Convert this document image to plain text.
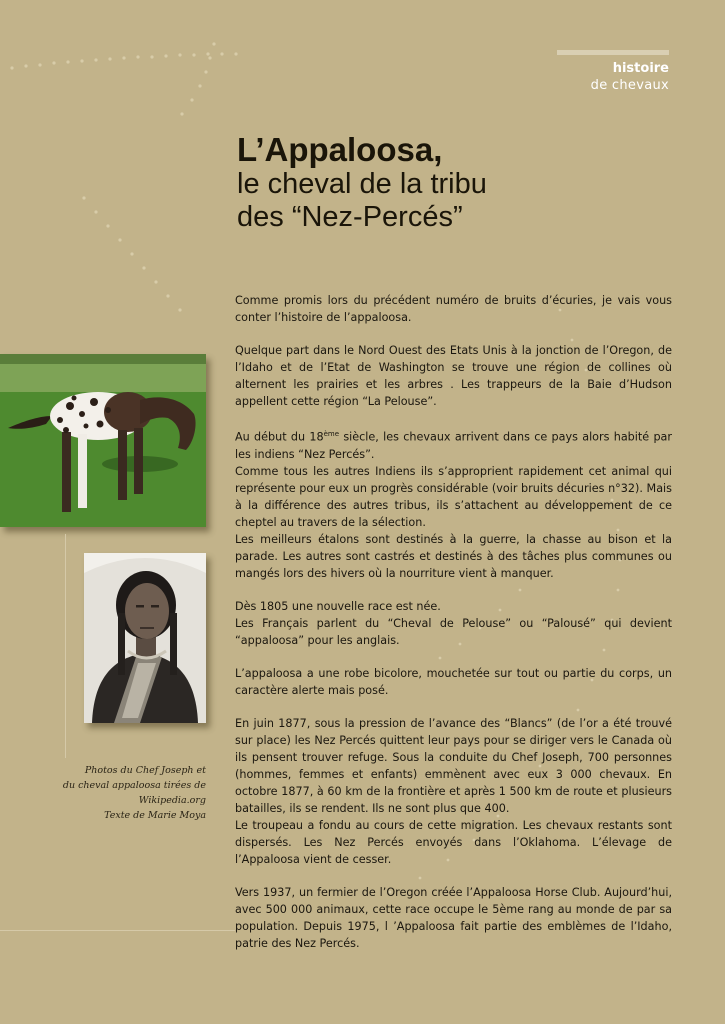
histoire
de chevaux
L’Appaloosa,
le cheval de la tribu
des “Nez-Percés”
Photos du Chef Joseph et
du cheval appaloosa tirées de
Wikipedia.org
Texte de Marie Moya

Comme promis lors du précédent numéro de bruits d’écuries, je vais vous conter l’histoire de l’appaloosa.

Quelque part dans le Nord Ouest des Etats Unis à la jonction de l’Oregon, de l’Idaho et de l’Etat de Washington se trouve une région de collines où alternent les prairies et les arbres . Les trappeurs de la Baie d’Hudson appellent cette région “La Pelouse”.

Au début du 18ème siècle, les chevaux arrivent dans ce pays alors habité par les indiens “Nez Percés”.
Comme tous les autres Indiens ils s’approprient rapidement cet animal qui représente pour eux un progrès considérable (voir bruits décuries n°32). Mais à la différence des autres tribus, ils s’attachent au développement de ce cheptel au travers de la sélection.
Les meilleurs étalons sont destinés à la guerre, la chasse au bison et la parade. Les autres sont castrés et destinés à des tâches plus communes ou mangés lors des hivers où la nourriture vient à manquer.

Dès 1805 une nouvelle race est née.
Les Français parlent du “Cheval de Pelouse” ou “Palousé” qui devient “appaloosa” pour les anglais.

L’appaloosa a une robe bicolore, mouchetée sur tout ou partie du corps, un caractère alerte mais posé.

En juin 1877, sous la pression de l’avance des “Blancs” (de l’or a été trouvé sur place) les Nez Percés quittent leur pays pour se diriger vers le Canada où ils pensent trouver refuge. Sous la conduite du Chef Joseph, 700 personnes (hommes, femmes et enfants) emmènent avec eux 3 000 chevaux. En octobre 1877, à 60 km de la frontière et après 1 500 km de route et plusieurs batailles, ils se rendent. Ils ne sont plus que 400.
Le troupeau a fondu au cours de cette migration. Les chevaux restants sont dispersés. Les Nez Percés envoyés dans l’Oklahoma. L’élevage de l’Appaloosa vient de cesser.

Vers 1937, un fermier de l’Oregon créée l’Appaloosa Horse Club. Aujourd’hui, avec 500 000 animaux, cette race occupe le 5ème rang au monde de par sa population. Depuis 1975, l ’Appaloosa fait partie des emblèmes de l’Idaho, patrie des Nez Percés.
